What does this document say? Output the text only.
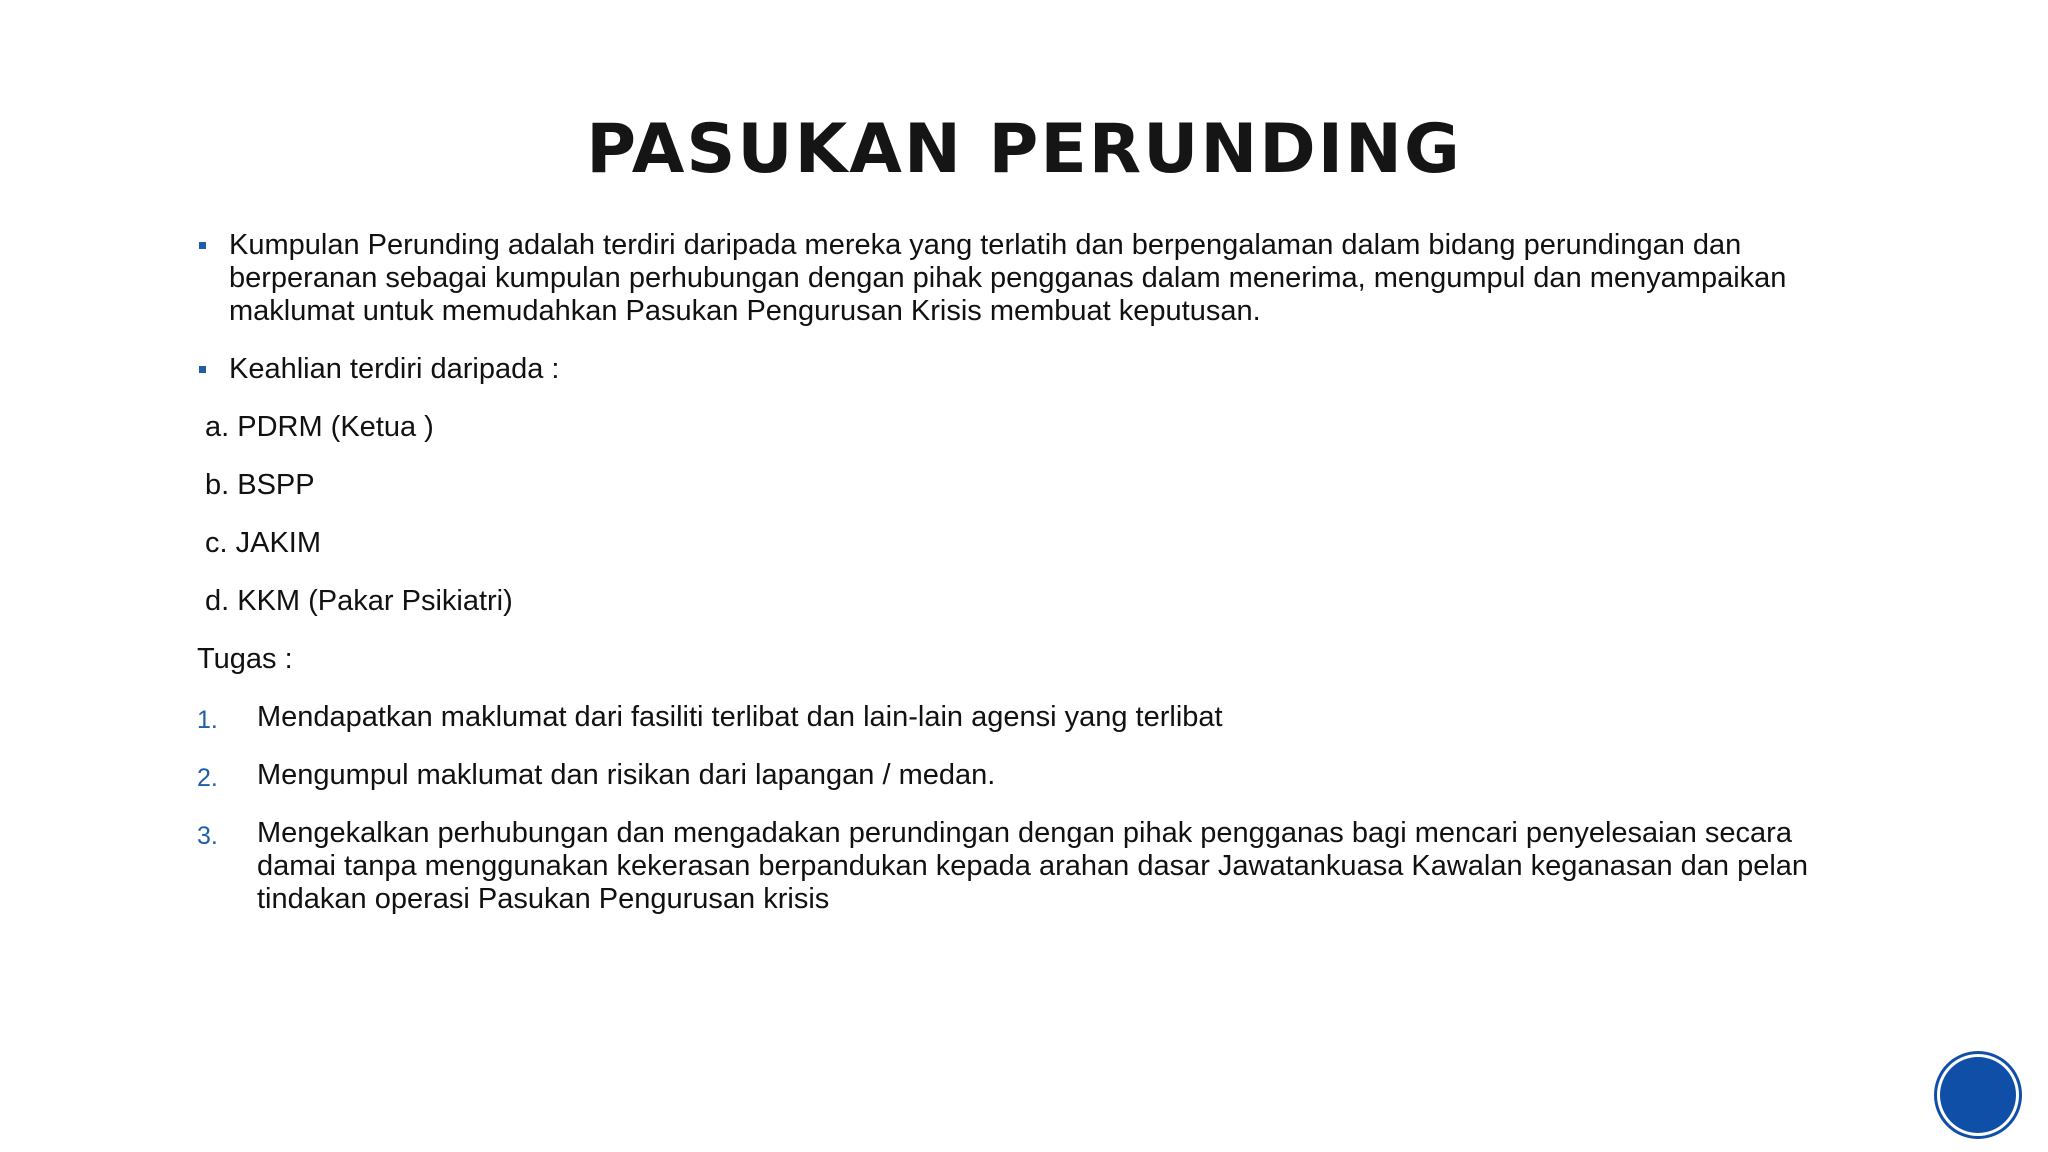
PASUKAN PERUNDING
Kumpulan Perunding adalah terdiri daripada mereka yang terlatih dan berpengalaman dalam bidang perundingan dan berperanan sebagai kumpulan perhubungan dengan pihak pengganas dalam menerima, mengumpul dan menyampaikan maklumat untuk memudahkan Pasukan Pengurusan Krisis membuat keputusan.
Keahlian terdiri daripada :
a. PDRM (Ketua )
b. BSPP
c. JAKIM
d. KKM (Pakar Psikiatri)
Tugas :
1. Mendapatkan maklumat dari fasiliti terlibat dan lain-lain agensi yang terlibat
2. Mengumpul maklumat dan risikan dari lapangan / medan.
3. Mengekalkan perhubungan dan mengadakan perundingan dengan pihak pengganas bagi mencari penyelesaian secara damai tanpa menggunakan kekerasan berpandukan kepada arahan dasar Jawatankuasa Kawalan keganasan dan pelan tindakan operasi Pasukan Pengurusan krisis
